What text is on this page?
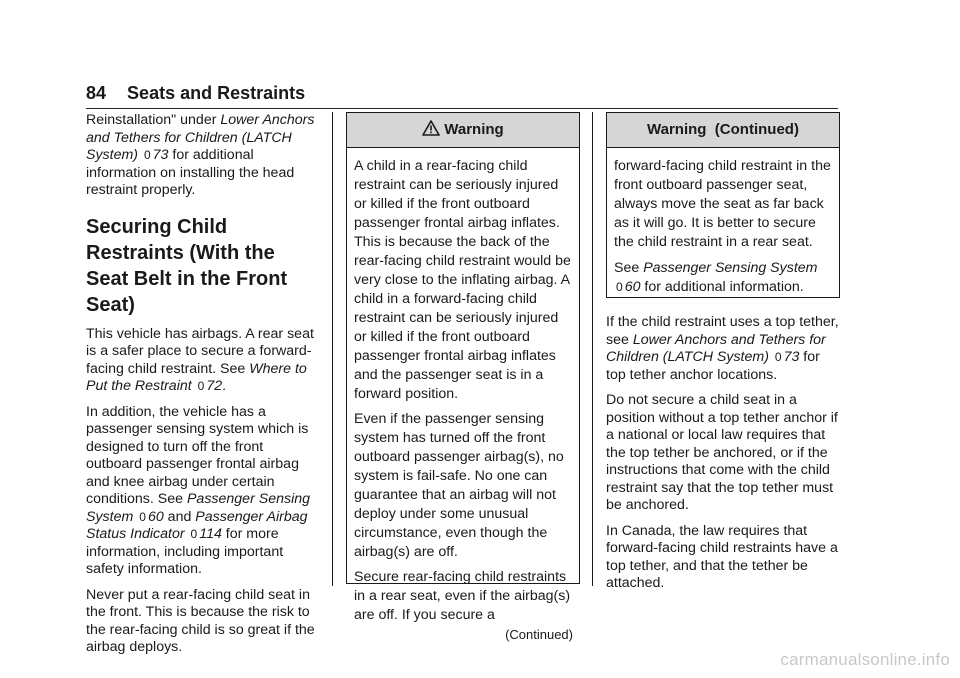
84 Seats and Restraints

Reinstallation" under Lower Anchors and Tethers for Children (LATCH System) 0 73 for additional information on installing the head restraint properly.

Securing Child Restraints (With the Seat Belt in the Front Seat)

This vehicle has airbags. A rear seat is a safer place to secure a forward-facing child restraint. See Where to Put the Restraint 0 72.

In addition, the vehicle has a passenger sensing system which is designed to turn off the front outboard passenger frontal airbag and knee airbag under certain conditions. See Passenger Sensing System 0 60 and Passenger Airbag Status Indicator 0 114 for more information, including important safety information.

Never put a rear-facing child seat in the front. This is because the risk to the rear-facing child is so great if the airbag deploys.

Warning

A child in a rear-facing child restraint can be seriously injured or killed if the front outboard passenger frontal airbag inflates. This is because the back of the rear-facing child restraint would be very close to the inflating airbag. A child in a forward-facing child restraint can be seriously injured or killed if the front outboard passenger frontal airbag inflates and the passenger seat is in a forward position.

Even if the passenger sensing system has turned off the front outboard passenger airbag(s), no system is fail-safe. No one can guarantee that an airbag will not deploy under some unusual circumstance, even though the airbag(s) are off.

Secure rear-facing child restraints in a rear seat, even if the airbag(s) are off. If you secure a

(Continued)
Warning  (Continued)

forward-facing child restraint in the front outboard passenger seat, always move the seat as far back as it will go. It is better to secure the child restraint in a rear seat.

See Passenger Sensing System
0 60 for additional information.

If the child restraint uses a top tether, see Lower Anchors and Tethers for Children (LATCH System) 0 73 for top tether anchor locations.

Do not secure a child seat in a position without a top tether anchor if a national or local law requires that the top tether be anchored, or if the instructions that come with the child restraint say that the top tether must be anchored.

In Canada, the law requires that forward-facing child restraints have a top tether, and that the tether be attached.

carmanualsonline.info
